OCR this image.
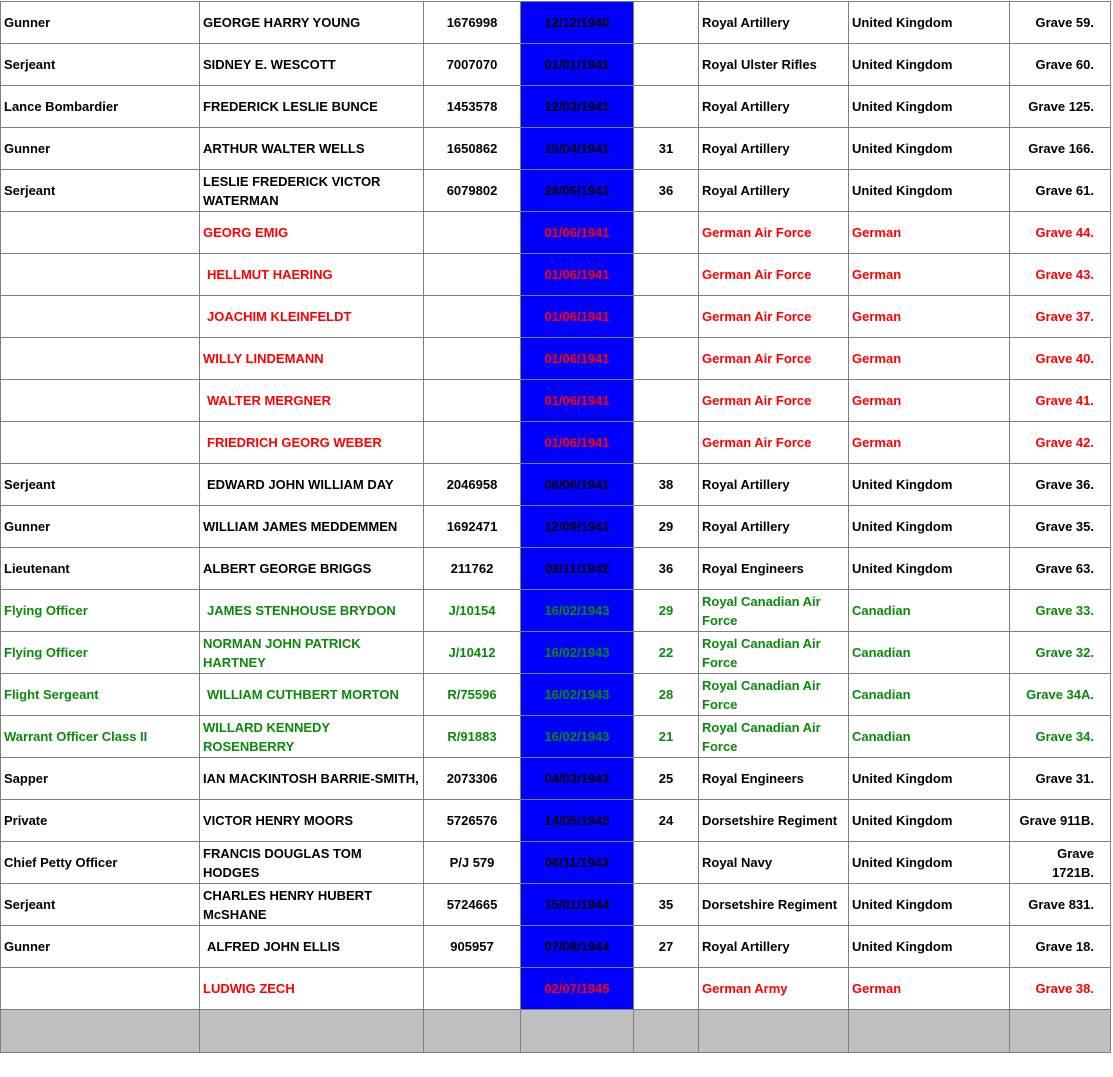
Gunner	GEORGE HARRY YOUNG	1676998	12/12/1940		Royal Artillery	United Kingdom	Grave 59.
Serjeant	SIDNEY E. WESCOTT	7007070	01/01/1941		Royal Ulster Rifles	United Kingdom	Grave 60.
Lance Bombardier	FREDERICK LESLIE BUNCE	1453578	12/03/1941		Royal Artillery	United Kingdom	Grave 125.
Gunner	ARTHUR WALTER WELLS	1650862	15/04/1941	31	Royal Artillery	United Kingdom	Grave 166.
Serjeant	LESLIE FREDERICK VICTOR WATERMAN	6079802	28/05/1941	36	Royal Artillery	United Kingdom	Grave 61.
	GEORG EMIG		01/06/1941		German Air Force	German	Grave 44.
	HELLMUT HAERING		01/06/1941		German Air Force	German	Grave 43.
	JOACHIM KLEINFELDT		01/06/1941		German Air Force	German	Grave 37.
	WILLY LINDEMANN		01/06/1941		German Air Force	German	Grave 40.
	WALTER MERGNER		01/06/1941		German Air Force	German	Grave 41.
	FRIEDRICH GEORG WEBER		01/06/1941		German Air Force	German	Grave 42.
Serjeant	EDWARD JOHN WILLIAM DAY	2046958	06/06/1941	38	Royal Artillery	United Kingdom	Grave 36.
Gunner	WILLIAM JAMES MEDDEMMEN	1692471	12/09/1941	29	Royal Artillery	United Kingdom	Grave 35.
Lieutenant	ALBERT GEORGE BRIGGS	211762	03/11/1942	36	Royal Engineers	United Kingdom	Grave 63.
Flying Officer	JAMES STENHOUSE BRYDON	J/10154	16/02/1943	29	Royal Canadian Air Force	Canadian	Grave 33.
Flying Officer	NORMAN JOHN PATRICK HARTNEY	J/10412	16/02/1943	22	Royal Canadian Air Force	Canadian	Grave 32.
Flight Sergeant	WILLIAM CUTHBERT MORTON	R/75596	16/02/1943	28	Royal Canadian Air Force	Canadian	Grave 34A.
Warrant Officer Class II	WILLARD KENNEDY ROSENBERRY	R/91883	16/02/1943	21	Royal Canadian Air Force	Canadian	Grave 34.
Sapper	IAN MACKINTOSH BARRIE-SMITH,	2073306	04/03/1943	25	Royal Engineers	United Kingdom	Grave 31.
Private	VICTOR HENRY MOORS	5726576	14/05/1943	24	Dorsetshire Regiment	United Kingdom	Grave 911B.
Chief Petty Officer	FRANCIS DOUGLAS TOM HODGES	P/J 579	06/11/1943		Royal Navy	United Kingdom	Grave 1721B.
Serjeant	CHARLES HENRY HUBERT McSHANE	5724665	15/01/1944	35	Dorsetshire Regiment	United Kingdom	Grave 831.
Gunner	ALFRED JOHN ELLIS	905957	07/08/1944	27	Royal Artillery	United Kingdom	Grave 18.
	LUDWIG ZECH		02/07/1945		German Army	German	Grave 38.
